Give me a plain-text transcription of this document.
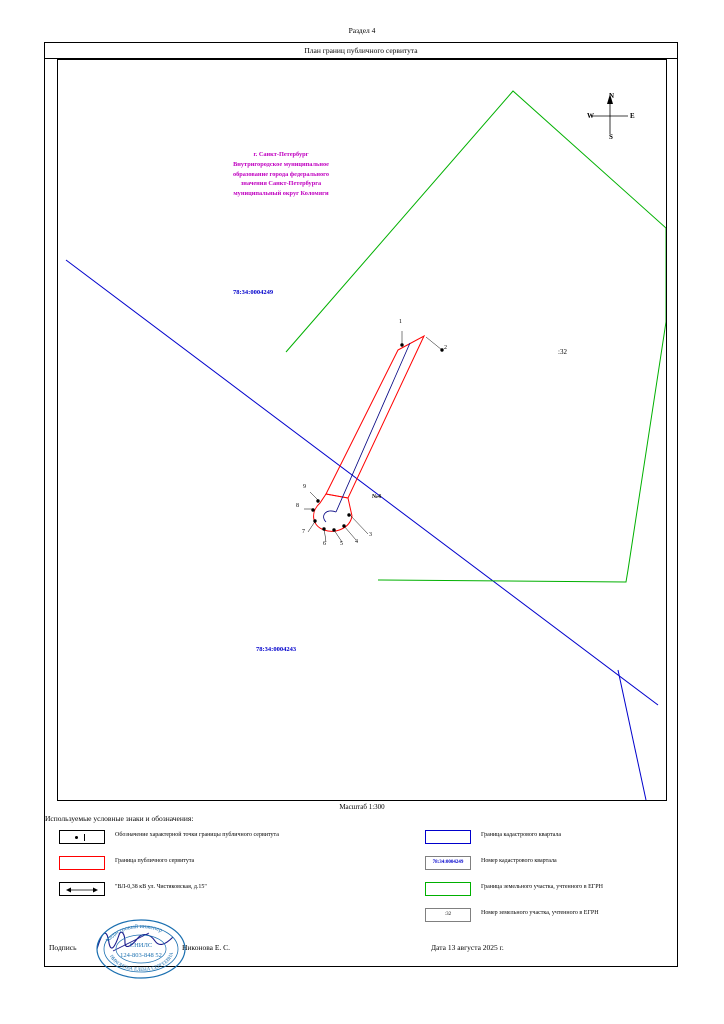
Раздел 4
План границ публичного сервитута
г. Санкт-Петербург
Внутригородское муниципальное
образование города федерального
значения Санкт-Петербурга
муниципальный округ Коломяги
78:34:0004249
78:34:0004243
:32
№4
1
2
3
4
5
6
7
8
9
N
S
E
W
Масштаб 1:300
Используемые условные знаки и обозначения:
Обозначение характерной точки границы публичного сервитута
Граница публичного сервитута
"ВЛ-0,38 кВ ул. Чистяковская, д.15"
Граница кадастрового квартала
78:34:0004249	Номер кадастрового квартала
Граница земельного участка, учтенного в ЕГРН
:32	Номер земельного участка, учтенного в ЕГРН
Подпись
Кадастровый инженер
НИКОНОВА ЕЛЕНА СЕРГЕЕВНА
СНИЛС
124-803-848 52
Никонова Е. С.	Дата 13 августа 2025 г.
